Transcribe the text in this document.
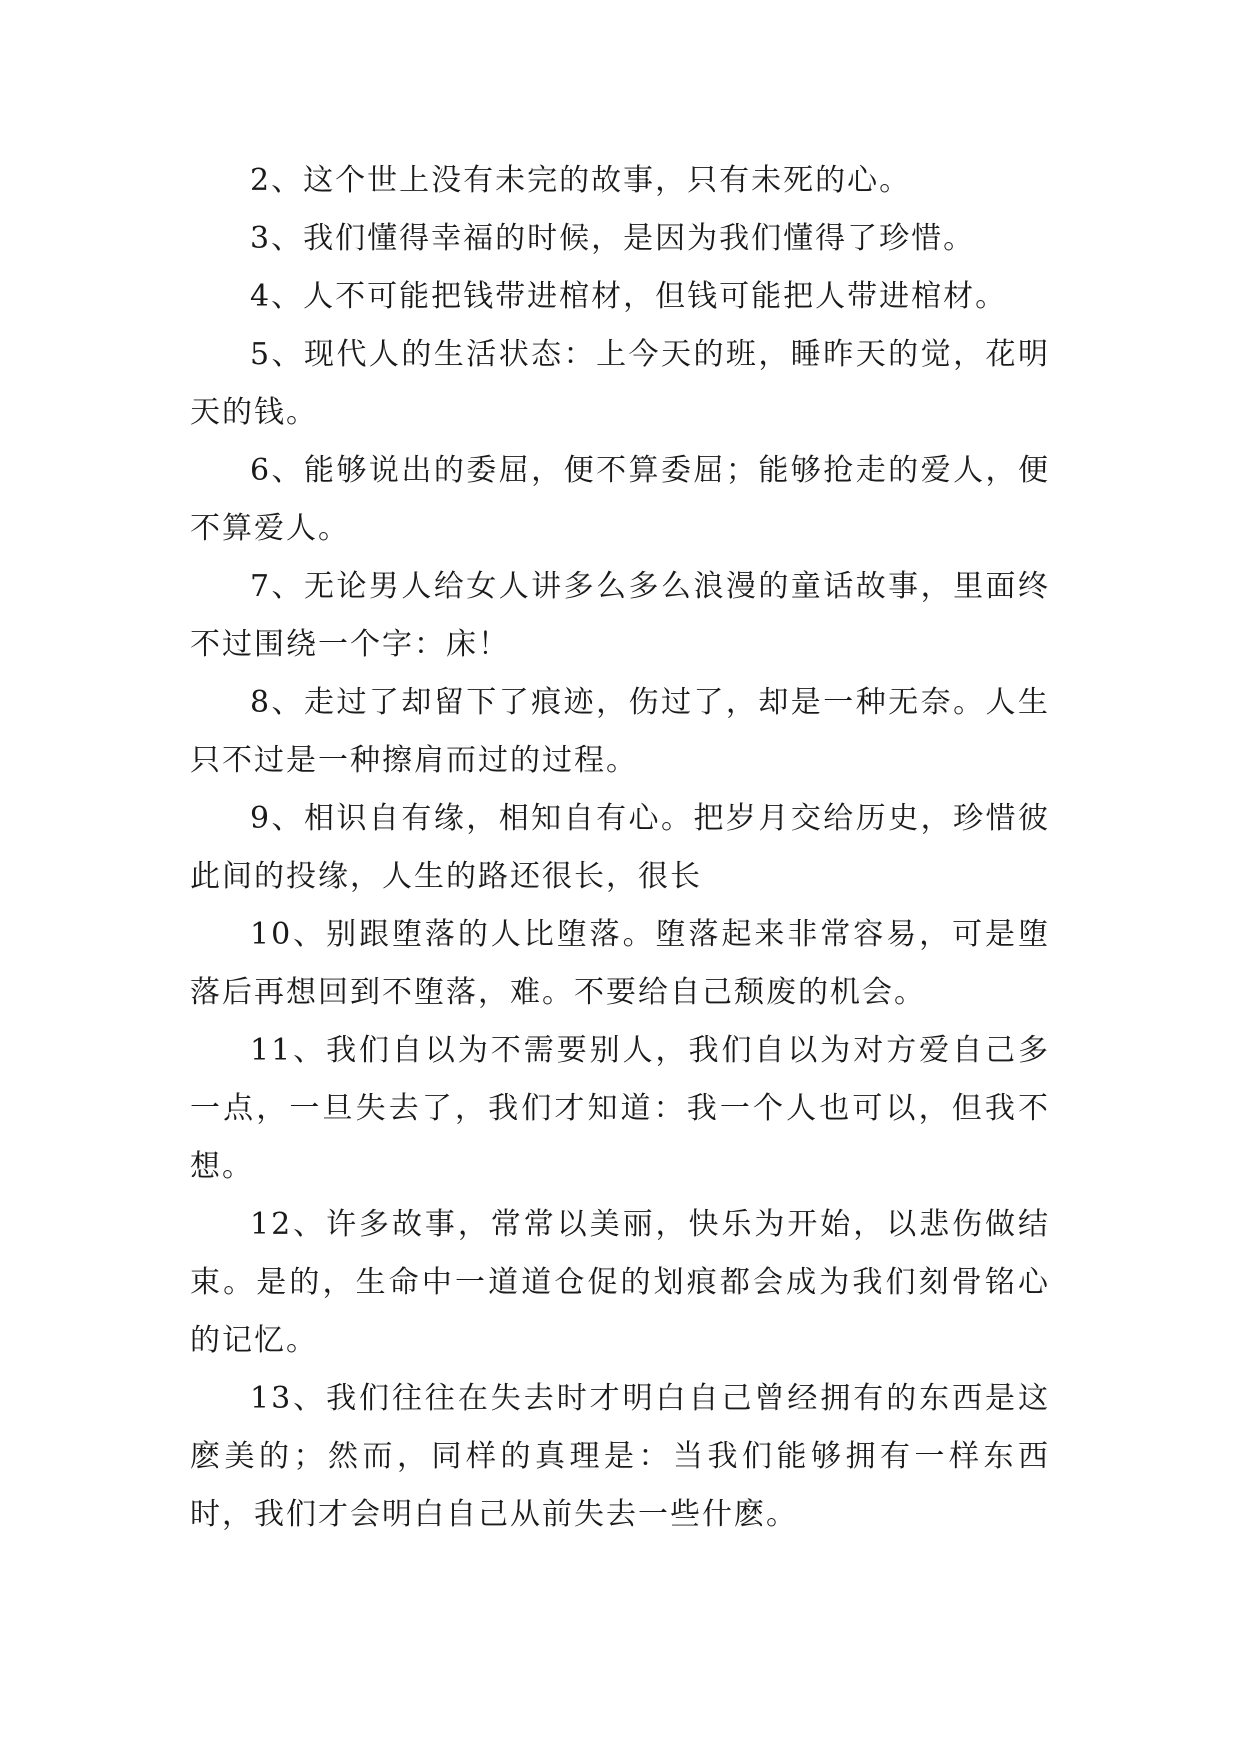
2、这个世上没有未完的故事，只有未死的心。

3、我们懂得幸福的时候，是因为我们懂得了珍惜。

4、人不可能把钱带进棺材，但钱可能把人带进棺材。

5、现代人的生活状态：上今天的班，睡昨天的觉，花明天的钱。

6、能够说出的委屈，便不算委屈；能够抢走的爱人，便不算爱人。

7、无论男人给女人讲多么多么浪漫的童话故事，里面终不过围绕一个字：床！

8、走过了却留下了痕迹，伤过了，却是一种无奈。人生只不过是一种擦肩而过的过程。

9、相识自有缘，相知自有心。把岁月交给历史，珍惜彼此间的投缘，人生的路还很长，很长

10、别跟堕落的人比堕落。堕落起来非常容易，可是堕落后再想回到不堕落，难。不要给自己颓废的机会。

11、我们自以为不需要别人，我们自以为对方爱自己多一点，一旦失去了，我们才知道：我一个人也可以，但我不想。

12、许多故事，常常以美丽，快乐为开始，以悲伤做结束。是的，生命中一道道仓促的划痕都会成为我们刻骨铭心的记忆。

13、我们往往在失去时才明白自己曾经拥有的东西是这麽美的；然而，同样的真理是：当我们能够拥有一样东西时，我们才会明白自己从前失去一些什麽。
